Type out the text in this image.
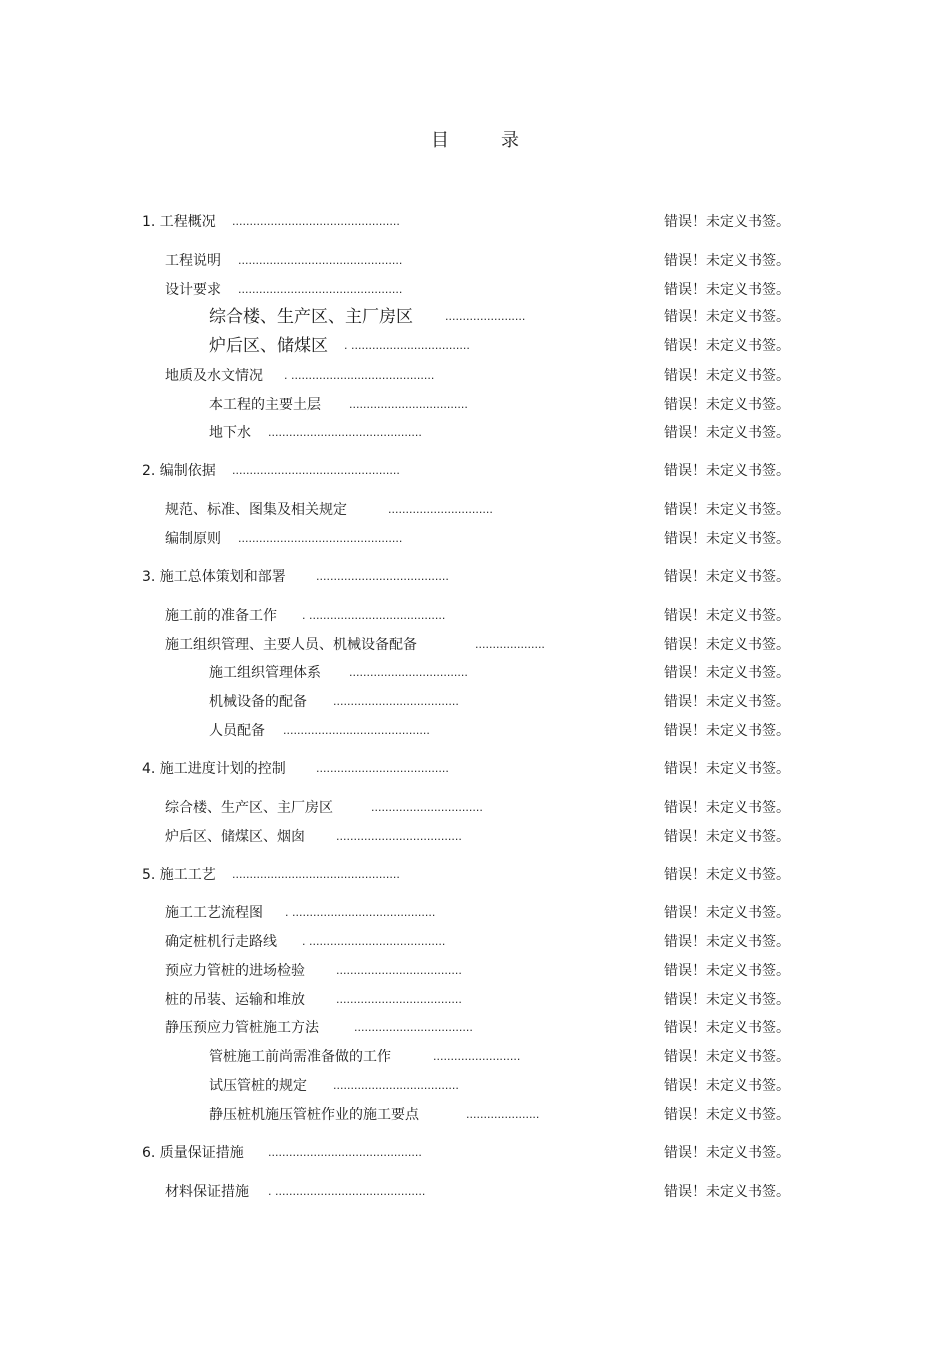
目	录
1. 工程概况 ................................................	错误！未定义书签。
工程说明 ...............................................	错误！未定义书签。
设计要求 ...............................................	错误！未定义书签。
综合楼、生产区、主厂房区	.......................	错误！未定义书签。
炉后区、储煤区 . ..................................	错误！未定义书签。
地质及水文情况 . .........................................	错误！未定义书签。
本工程的主要土层	..................................	错误！未定义书签。
地下水 ............................................	错误！未定义书签。
2. 编制依据 ................................................	错误！未定义书签。
规范、标准、图集及相关规定	..............................	错误！未定义书签。
编制原则 ...............................................	错误！未定义书签。
3. 施工总体策划和部署	......................................	错误！未定义书签。
施工前的准备工作 . .......................................	错误！未定义书签。
施工组织管理、主要人员、机械设备配备	....................	错误！未定义书签。
施工组织管理体系	..................................	错误！未定义书签。
机械设备的配备 ....................................	错误！未定义书签。
人员配备 ..........................................	错误！未定义书签。
4. 施工进度计划的控制	......................................	错误！未定义书签。
综合楼、生产区、主厂房区	................................	错误！未定义书签。
炉后区、储煤区、烟囱	....................................	错误！未定义书签。
5. 施工工艺 ................................................	错误！未定义书签。
施工工艺流程图 . .........................................	错误！未定义书签。
确定桩机行走路线 . .......................................	错误！未定义书签。
预应力管桩的进场检验	....................................	错误！未定义书签。
桩的吊装、运输和堆放	....................................	错误！未定义书签。
静压预应力管桩施工方法	..................................	错误！未定义书签。
管桩施工前尚需准备做的工作	.........................	错误！未定义书签。
试压管桩的规定 ....................................	错误！未定义书签。
静压桩机施压管桩作业的施工要点	.....................	错误！未定义书签。
6. 质量保证措施 ............................................	错误！未定义书签。
材料保证措施 . ...........................................	错误！未定义书签。
